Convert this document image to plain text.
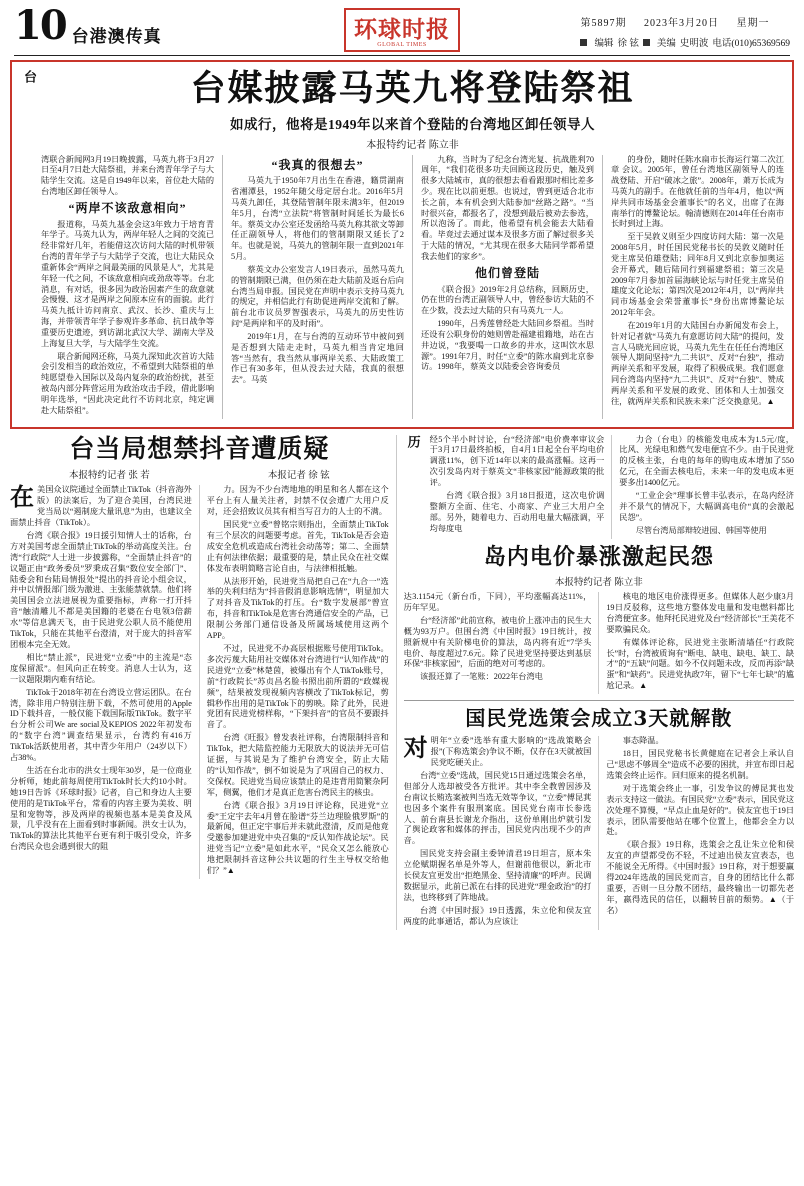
10 台港澳传真	环球时报
GLOBAL TIMES
第5897期 2023年3月20日 星期一
编辑 徐 铉 美编 史明波 电话(010)65369569
台	台媒披露马英九将登陆祭祖
如成行，他将是1949年以来首个登陆的台湾地区卸任领导人
本报特约记者 陈立非

湾联合新闻网3月19日晚披露，马英九将于3月27日至4月7日赴大陆祭祖，并来台湾青年学子与大陆学生交流。这是自1949年以来，首位赴大陆的台湾地区卸任领导人。

“两岸不该敌意相向”

报道称，马英九基金会这3年致力于培育青年学子。马英九认为，两岸年轻人之间的交流已经非常好几年，若能借这次访问大陆的时机带领台湾的青年学子与大陆学子交流，也让大陆民众重新体会“两岸之间最美丽的风景是人”，尤其是年轻一代之间，不该敌意相向或劲敌等等。台北消息，有对话，很多因为政治因素产生的敌意就会慢慢、这才是两岸之间原本应有的面貌。此行马英九抵计访问南京、武汉、长沙、重庆与上海，并带领青年学子参观许多革命、抗日战争等重要历史遗迹，到访湖北武汉大学、湖南大学及上海复旦大学，与大陆学生交流。

联合新闻网还称，马英九深知此次首访大陆会引发相当的政治效应，不希望到大陆祭祖的单纯愿望卷入国际以及岛内复杂的政治纷扰，甚至被岛内部分阵营运用为政治攻击手段，借此影响明年选举，“因此决定此行不访问北京，纯定调赴大陆祭祖”。

“我真的很想去”

马英九于1950年7月出生在香港，籍贯湖南省湘潭县，1952年随父母定居台北。2016年5月马英九卸任，其登陆管制年限未满3年，但2019年5月，台湾“立法院”将管制时间延长为最长6年。蔡英文办公室还发函给马英九称其欲文等卸任正副领导人，将他们的管制期限又延长了2年。也就是说，马英九的管制年限一直到2021年5月。

蔡英文办公室发言人19日表示，虽然马英九的管制期限已满，但仍须在赴大陆前及返台后向台湾当局申报。国民党在声明中表示支持马英九的规定，并相信此行有助促进两岸交流和了解。前台北市议员罗智强表示，马英九的历史性访问“是两岸和平的及时雨”。

2019年1月，在与台湾的互动环节中被问到是否想到大陆走走时，马英九相当肯定地回答“当然有，我当然从事两岸关系、大陆政策工作已有30多年，但从没去过大陆，我真的很想去”。马英

九称，当时为了纪念台湾光复、抗战胜利70周年，“我们花很多功夫回顾这段历史，触及到很多大陆城市，真的很想去看看跟那时相比差多少。现在比以前更想。也说过，曾到更适合北市长之前，本有机会到大陆参加“丝路之路”。“当时很兴奋，都报名了，没想到最后被劝去参选，所以泡汤了。而此，他希望有机会能去大陆看看。毕竟过去通过谋本及很多方面了解过很多关于大陆的情况，“尤其现在很多大陆同学都希望我去他们的家乡”。

他们曾登陆

《联合报》2019年2月总结称，回顾历史，仍在世的台湾正副领导人中，曾经参访大陆的不在少数，没去过大陆的只有马英九一人。

1990年，吕秀莲曾经赴大陆回乡祭祖。当时还设有公职身份的她则曾赴福建祖籍地，站在古井边说，“我要喝一口故乡的井水，这叫饮水思源”。1991年7月，时任“立委”的陈水扁到北京参访。1998年，蔡英文以陆委会咨询委员

的身份，随时任陈水扁市长海运行第二次江章 会议。2005年，曾任台湾地区副领导人的连战登陆、开启“破冰之旅”。2008年，萧万长成为马英九的副手。在他就任前的当年4月，他以“两岸共同市场基金会董事长”的名义，出席了在海南举行的博鳌论坛。翰清德则在2014年任台南市长时到过上海。

至于吴敦义则至少四度访问大陆：第一次是2008年5月，时任国民党秘书长的吴敦义随时任党主席吴伯雄登陆；同年8月又到北京参加奥运会开幕式，随后陆同行到福建祭祖；第三次是2009年7月参加首届海峡论坛与时任党主席吴伯雄度文化论坛；第四次是2012年4月，以“两岸共同市场基金会荣誉董事长”身份出席博鳌论坛2012年年会。

在2019年1月的大陆国台办新闻发布会上，针对记者就“马英九有意愿访问大陆”的提问，发言人马晓光回应说，马英九先生在任任台湾地区领导人期间坚持“九二共识”、反对“台独”，推动两岸关系和平发展，取得了积极成果。我们愿意同台湾岛内坚持“九二共识”、反对“台独”、赞成两岸关系和平发展的政党、团体和人士加强交往，就两岸关系和民族未来广泛交换意见。▲

台当局想禁抖音遭质疑
本报特约记者 张 若	本报记者 徐 铉

在美国众议院通过全面禁止TikTok（抖音海外版）的法案后，为了迎合美国，台湾民进党当局以“遏制庞大量讯息”为由，也建议全面禁止抖音（TikTok）。

台湾《联合报》19日援引知情人士的话称，台方对美国考虑全面禁止TikTok的举动高度关注。台湾“行政院”人士进一步披露称，“全面禁止抖音”的议题正由“政务委员”罗秉成召集“数位安全部门”、陆委会和台陆局情报处”提出的抖音论小组会议，并中以情报部门级为激进、主张能禁就禁。他们将美国国会立法进展视为重要指标，声称一打开抖音“触清雕儿不都是美国籍的老婆在台电领3倍薪水”等信息满天飞，由于民进党公职人员不能使用TikTok，只能在其他平台澄清，对于庞大的抖音军团根本完全无效。

相比“禁止派”，民进党“立委”中的主流是“态度保留派”。但风向正在转变。消息人士认为，这一议题限期内难有结论。

TikTok于2018年初在台湾设立营运团队。在台湾，除非用户特别注册下载，不然可使用的Apple ID下载抖音，一般仅能下载国际版TikTok。数字平台分析公司We are social及KEPIOS 2022年初发布的“数字台湾”调查结果显示，台湾约有416万TikTok活跃使用者，其中青少年用户（24岁以下）占38%。

生活在台北市的洪女士现年30岁，是一位商业分析师，她此前每周使用TikTok时长大约10小时。她19日告诉《环球时报》记者，自己和身边人主要使用的是TikTok平台，常看的内容主要为美妆、明星和宠物等，涉及两岸的视频也基本是美食及风景，几乎没有在上面看到时事新闻。洪女士认为，TikTok的算法比其他平台更有利于吸引受众，许多台湾民众也会遇到很大的阻

力。因为不少台湾地地的明星和名人都在这个平台上有人量关注者，封禁不仅会遭广大用户反对，还会招致议员其有相当写召力的人士的不满。

国民党“立委”曾铭宗则指出，全面禁止TikTok有三个层次的问题要考虑。首先，TikTok是否会造成安全危机或造成台湾社会动荡等；第二、全面禁止有何法律依据；最重要的是，禁止民众在社交媒体发布表明简略言论自由，与法律相抵触。

从法形开始，民进党当局把自己在“九合一”选举的失利归结为“抖音假消息影响选情”，明显加大了对抖音及TikTok的打压。台“数字发展部”曾宣布，抖音和TikTok是危害台湾通信安全的产品，已限制公务部门通信设备及所属场域使用这两个APP。

不过，民进党不办高层根据账号使用TikTok。多次污蔑大陆用社交媒体对台湾进行“认知作战”的民进党“立委”林楚茵，被爆出有个人TikTok账号，前“行政院长”苏贞昌名脸书照出前所谓的“政媒视频”，结果被发现视频内容横改了TikTok标记，剪辑秒作出用的是TikTok下的剪映。除了此外，民进党团有民进党榜样称，“下架抖音”的官员不要跟抖音了。

台湾《旺报》曾发表社评称，台湾限制抖音和TikTok，把大陆监控能力无限放大的说法并无可信证据，与其说是为了维护台湾安全，防止大陆的“认知作战”，倒不如说是为了巩固自己的权力、交保权。民进党当局应该禁止的是违背用简繁杂阿军，侧翼，他们才是真正危害台湾民主的核虫。

台湾《联合报》3月19日评论称，民进党“立委”王定宇去年4月曾在脸谱“芬兰边理脸俄罗斯”的最新闻，但正定宇事后并未就此澄清，反而是他竟受邀参加建进党中央召集的“反认知作战论坛”。民进党当记“立委”是如此水平，“民众又怎么能放心地把限制抖音这种公共议题的行生主导权交给他们？”▲

历 经5个半小时讨论，台“经济部”电价费率审议会于3月17日最终拍板，自4月1日起全台平均电价调涨11%，创下近14年以来的最高涨幅。这再一次引发岛内对于蔡英文“非核家园”能源政策的批评。

台湾《联合报》3月18日报道，这次电价调整额方全面、住宅、小商家、产业三大用户全部。另外，随着电力、百动用电量大幅涨调，平均每度电

力合（台电）的核能发电成本为1.5元/度，比风、光绿电和燃气发电便宜不少。由于民进党的反核主张，台电的每年的购电成本增加了550亿元，在全面去核电后，未来一年的发电成本更要多出1400亿元。

“工业企会”理事长曾丰弘表示，在岛内经济并不景气的情况下，大幅调高电价“真的会激起民怨”。

尽管台湾局部辩较进园、韩国等使用

岛内电价暴涨激起民怨
本报特约记者 陈立非

达3.1154元（新台币，下同），平均涨幅高达11%，历年罕见。

台“经济部”此前宣称，被电价上涨冲击的民生大概为93万户。但围台湾《中国时报》19日统计，按照新规中有关阶梯电价的算法，岛内将有近“7学头电价、每度超过7.6元。除了民进党坚持要达到基层环保“非核家园”，后面的绝对可考虑的。

该报还算了一笔账：2022年台湾电

核电的地区电价涨得更多。但媒体人赵少康3月19日反驳称，这些地方整体发电量和发电燃料都比台湾便宜多。他拜托民进党及台“经济部长”王美花不要欺骗民众。

有媒体评论称，民进党主张断清墙任“行政院长”时，台湾被质询有“断电、缺电、缺电、缺工、缺才”的“五缺”问题。如今不仅问题未改，反而再添“缺蛋”和“缺药”。民进党执政7年，留下“七年七缺”的尴尬记录。▲

国民党选策会成立3天就解散

对明年“立委”选举有重大影响的“选战策略会报”(下称选策会)争议不断，仅存在3天就被国民党吃硬关止。

台湾“立委”选战，国民党15日通过选策会名单，但部分人选却被受各方批评。其中李全教曾因涉及台南议长贿选案被判当选无效等争议，“立委”傅昆萁也因多个案件有服刑案底。国民党台南市长参选人、前台南县长谢龙介指出，这份单刚出炉就引发了舆论政客和媒体的抨击，国民党内出现不少的声音。

国民党支持会副主委钟清君19日坦言，原本朱立伦赋期握名单是外等人，但谢前他很以，新北市长侯友宜更发出“拒绝黑金、坚持清廉”的呼声。民调数据显示，此前已派在右排的民进党“理金政治”的打法，也终移到了阵地战。

台湾《中国时报》19日透露，朱立伦和侯友宜两度的此事通话，都认为应该让

事态降温。

18日，国民党秘书长黄健庭在记者会上承认自己“思虑不够周全”造成不必要的困扰，并宣布即日起选策会终止运作。回归原来的提名机制。

对于选策会终止一事，引发争议的傅昆萁也发表示支持这一做法。有国民党“立委”表示，国民党这次处理不算慢，“早点止血是好的”。侯友宜也于19日表示，团队需要他站在哪个位置上，他都会全力以赴。

《联合报》19日称，选策会之乱让朱立伦和侯友宜的声望都受伤不轻，不过迪出侯友宜表态，也不能说全无所得。《中国时报》19日称，对于想要赢得2024年选战的国民党而言，自身的团结比什么都重要，否则一旦分散不团结，最终输出一切都先老年，嬴得选民的信任，以翻转目前的颓势。▲（于 名）
